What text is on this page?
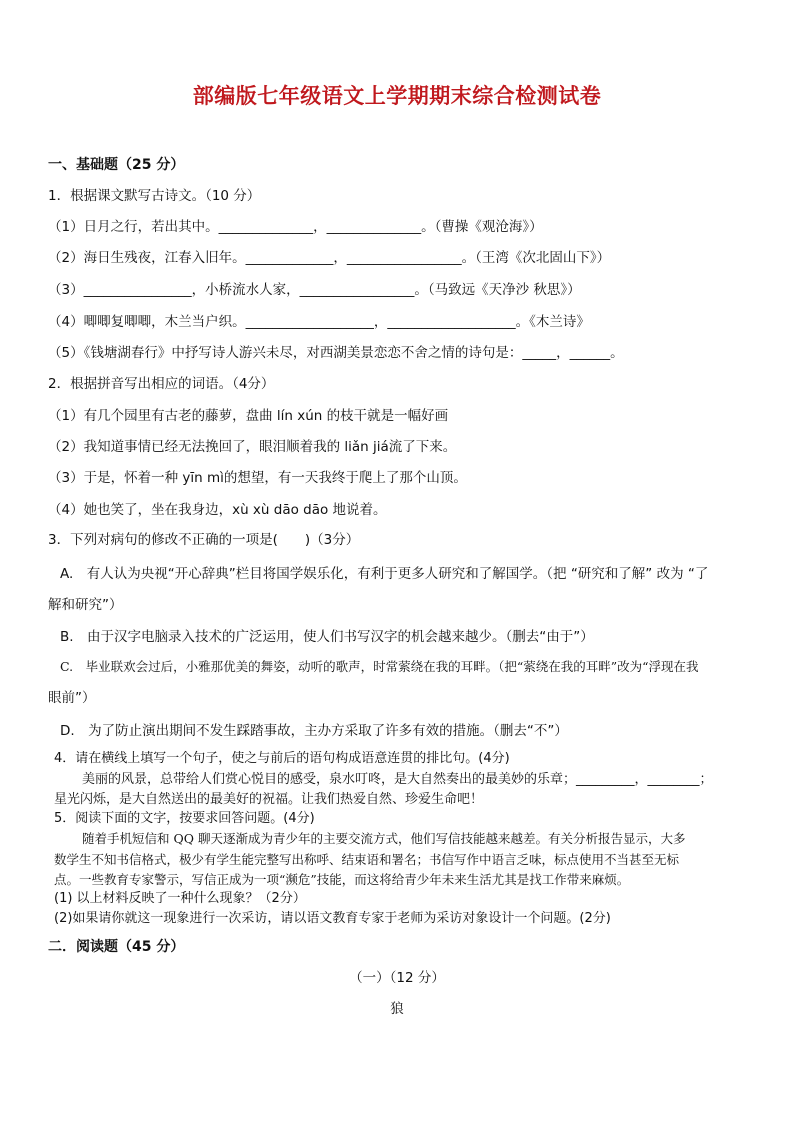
部编版七年级语文上学期期末综合检测试卷
一、基础题（25 分）
1．根据课文默写古诗文。（10 分）
（1）日月之行，若出其中。______________，______________。（曹操《观沧海》）
（2）海日生残夜，江春入旧年。_____________，_________________。（王湾《次北固山下》）
（3）________________，小桥流水人家，_________________。（马致远《天净沙 秋思》）
（4）唧唧复唧唧，木兰当户织。___________________，___________________。《木兰诗》
（5）《钱塘湖春行》中抒写诗人游兴未尽，对西湖美景恋恋不舍之情的诗句是：_____，______。
2．根据拼音写出相应的词语。（4分）
（1）有几个园里有古老的藤萝，盘曲 lín xún 的枝干就是一幅好画
（2）我知道事情已经无法挽回了，眼泪顺着我的 liǎn jiá流了下来。
（3）于是，怀着一种 yīn mì的想望，有一天我终于爬上了那个山顶。
（4）她也笑了，坐在我身边，xù xù dāo dāo 地说着。
3．下列对病句的修改不正确的一项是(　　)（3分）
A.　有人认为央视“开心辞典”栏目将国学娱乐化，有利于更多人研究和了解国学。（把 “研究和了解” 改为 “了
解和研究”）
B.　由于汉字电脑录入技术的广泛运用，使人们书写汉字的机会越来越少。（删去“由于”）
C.　毕业联欢会过后，小雅那优美的舞姿，动听的歌声，时常萦绕在我的耳畔。（把“萦绕在我的耳畔”改为“浮现在我
眼前”）
D.　为了防止演出期间不发生踩踏事故，主办方采取了许多有效的措施。（删去“不”）
4．请在横线上填写一个句子，使之与前后的语句构成语意连贯的排比句。(4分)
美丽的风景，总带给人们赏心悦目的感受，泉水叮咚，是大自然奏出的最美妙的乐章；_________，________；
星光闪烁，是大自然送出的最美好的祝福。让我们热爱自然、珍爱生命吧！
5．阅读下面的文字，按要求回答问题。(4分)
随着手机短信和 QQ 聊天逐渐成为青少年的主要交流方式，他们写信技能越来越差。有关分析报告显示，大多
数学生不知书信格式，极少有学生能完整写出称呼、结束语和署名；书信写作中语言乏味，标点使用不当甚至无标
点。一些教育专家警示，写信正成为一项“濒危”技能，而这将给青少年未来生活尤其是找工作带来麻烦。
(1) 以上材料反映了一种什么现象？（2分）
(2)如果请你就这一现象进行一次采访，请以语文教育专家于老师为采访对象设计一个问题。(2分)
二．阅读题（45 分）
（一）（12 分）
狼
